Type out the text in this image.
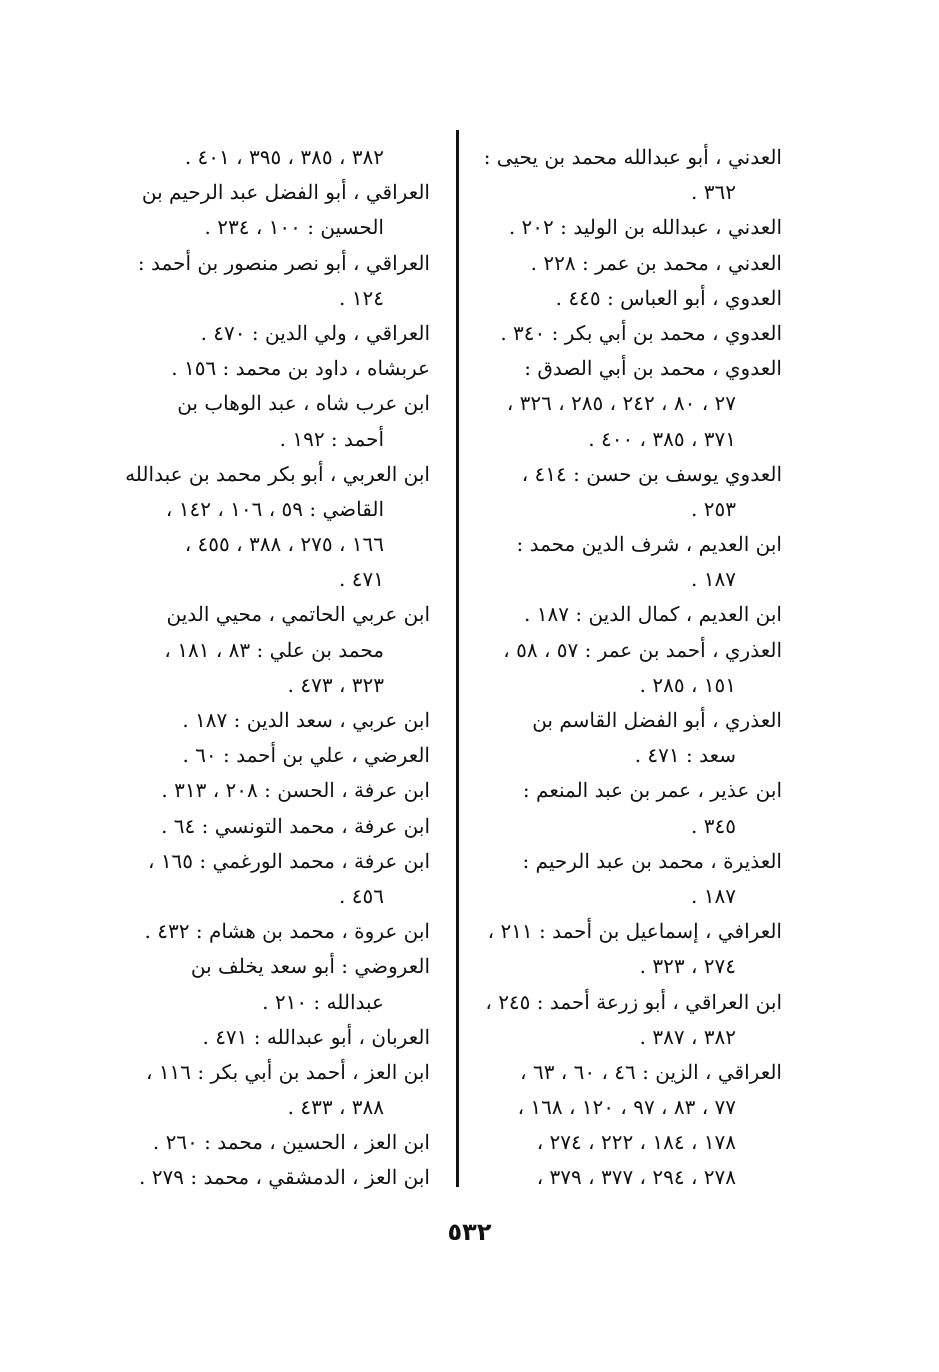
العدني ، أبو عبدالله محمد بن يحيى :
٣٦٢ .
العدني ، عبدالله بن الوليد : ٢٠٢ .
العدني ، محمد بن عمر : ٢٢٨ .
العدوي ، أبو العباس : ٤٤٥ .
العدوي ، محمد بن أبي بكر : ٣٤٠ .
العدوي ، محمد بن أبي الصدق :
٢٧ ، ٨٠ ، ٢٤٢ ، ٢٨٥ ، ٣٢٦ ،
٣٧١ ، ٣٨٥ ، ٤٠٠ .
العدوي يوسف بن حسن : ٤١٤ ،
٢٥٣ .
ابن العديم ، شرف الدين محمد :
١٨٧ .
ابن العديم ، كمال الدين : ١٨٧ .
العذري ، أحمد بن عمر : ٥٧ ، ٥٨ ،
١٥١ ، ٢٨٥ .
العذري ، أبو الفضل القاسم بن
سعد : ٤٧١ .
ابن عذير ، عمر بن عبد المنعم :
٣٤٥ .
العذيرة ، محمد بن عبد الرحيم :
١٨٧ .
العرافي ، إسماعيل بن أحمد : ٢١١ ،
٢٧٤ ، ٣٢٣ .
ابن العراقي ، أبو زرعة أحمد : ٢٤٥ ،
٣٨٢ ، ٣٨٧ .
العراقي ، الزين : ٤٦ ، ٦٠ ، ٦٣ ،
٧٧ ، ٨٣ ، ٩٧ ، ١٢٠ ، ١٦٨ ،
١٧٨ ، ١٨٤ ، ٢٢٢ ، ٢٧٤ ،
٢٧٨ ، ٢٩٤ ، ٣٧٧ ، ٣٧٩ ،
٣٨٢ ، ٣٨٥ ، ٣٩٥ ، ٤٠١ .
العراقي ، أبو الفضل عبد الرحيم بن
الحسين : ١٠٠ ، ٢٣٤ .
العراقي ، أبو نصر منصور بن أحمد :
١٢٤ .
العراقي ، ولي الدين : ٤٧٠ .
عربشاه ، داود بن محمد : ١٥٦ .
ابن عرب شاه ، عبد الوهاب بن
أحمد : ١٩٢ .
ابن العربي ، أبو بكر محمد بن عبدالله
القاضي : ٥٩ ، ١٠٦ ، ١٤٢ ،
١٦٦ ، ٢٧٥ ، ٣٨٨ ، ٤٥٥ ،
٤٧١ .
ابن عربي الحاتمي ، محيي الدين
محمد بن علي : ٨٣ ، ١٨١ ،
٣٢٣ ، ٤٧٣ .
ابن عربي ، سعد الدين : ١٨٧ .
العرضي ، علي بن أحمد : ٦٠ .
ابن عرفة ، الحسن : ٢٠٨ ، ٣١٣ .
ابن عرفة ، محمد التونسي : ٦٤ .
ابن عرفة ، محمد الورغمي : ١٦٥ ،
٤٥٦ .
ابن عروة ، محمد بن هشام : ٤٣٢ .
العروضي : أبو سعد يخلف بن
عبدالله : ٢١٠ .
العربان ، أبو عبدالله : ٤٧١ .
ابن العز ، أحمد بن أبي بكر : ١١٦ ،
٣٨٨ ، ٤٣٣ .
ابن العز ، الحسين ، محمد : ٢٦٠ .
ابن العز ، الدمشقي ، محمد : ٢٧٩ .
٥٣٢
